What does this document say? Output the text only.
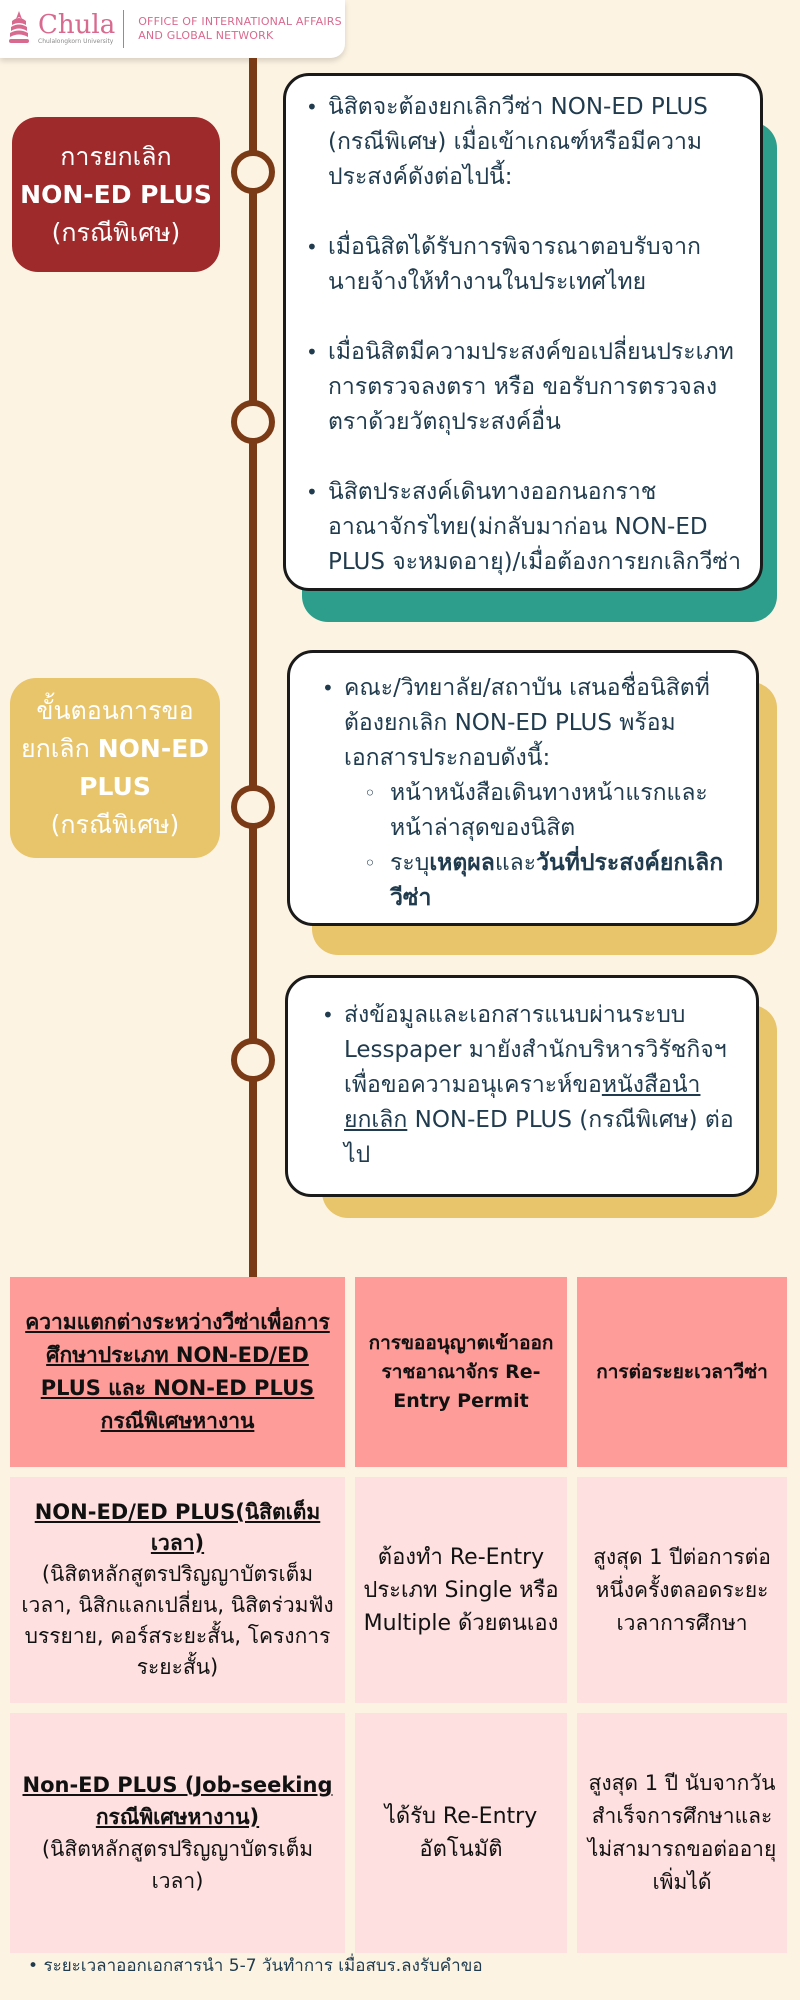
Chula
Chulalongkorn University
OFFICE OF INTERNATIONAL AFFAIRS
AND GLOBAL NETWORK
การยกเลิก
NON-ED PLUS
(กรณีพิเศษ)
• นิสิตจะต้องยกเลิกวีซ่า NON-ED PLUS (กรณีพิเศษ) เมื่อเข้าเกณฑ์หรือมีความประสงค์ดังต่อไปนี้:
• เมื่อนิสิตได้รับการพิจารณาตอบรับจากนายจ้างให้ทำงานในประเทศไทย
• เมื่อนิสิตมีความประสงค์ขอเปลี่ยนประเภทการตรวจลงตรา หรือ ขอรับการตรวจลงตราด้วยวัตถุประสงค์อื่น
• นิสิตประสงค์เดินทางออกนอกราชอาณาจักรไทย(ม่กลับมาก่อน NON-ED PLUS จะหมดอายุ)/เมื่อต้องการยกเลิกวีซ่า
ขั้นตอนการขอ
ยกเลิก NON-ED
PLUS
(กรณีพิเศษ)
• คณะ/วิทยาลัย/สถาบัน เสนอชื่อนิสิตที่ต้องยกเลิก NON-ED PLUS พร้อมเอกสารประกอบดังนี้:
◦ หน้าหนังสือเดินทางหน้าแรกและหน้าล่าสุดของนิสิต
◦ ระบุเหตุผลและวันที่ประสงค์ยกเลิกวีซ่า
• ส่งข้อมูลและเอกสารแนบผ่านระบบ Lesspaper มายังสำนักบริหารวิรัชกิจฯ เพื่อขอความอนุเคราะห์ขอหนังสือนำยกเลิก NON-ED PLUS (กรณีพิเศษ) ต่อไป
ความแตกต่างระหว่างวีซ่าเพื่อการศึกษาประเภท NON-ED/ED PLUS และ NON-ED PLUS กรณีพิเศษหางาน
การขออนุญาตเข้าออกราชอาณาจักร Re-Entry Permit
การต่อระยะเวลาวีซ่า
NON-ED/ED PLUS(นิสิตเต็มเวลา)
(นิสิตหลักสูตรปริญญาบัตรเต็มเวลา, นิสิกแลกเปลี่ยน, นิสิตร่วมฟังบรรยาย, คอร์สระยะสั้น, โครงการระยะสั้น)
ต้องทำ Re-Entry ประเภท Single หรือ Multiple ด้วยตนเอง
สูงสุด 1 ปีต่อการต่อหนึ่งครั้งตลอดระยะเวลาการศึกษา
Non-ED PLUS (Job-seeking กรณีพิเศษหางาน)
(นิสิตหลักสูตรปริญญาบัตรเต็มเวลา)
ได้รับ Re-Entry อัตโนมัติ
สูงสุด 1 ปี นับจากวันสำเร็จการศึกษาและไม่สามารถขอต่ออายุเพิ่มได้
• ระยะเวลาออกเอกสารนำ 5-7 วันทำการ เมื่อสบร.ลงรับคำขอ
